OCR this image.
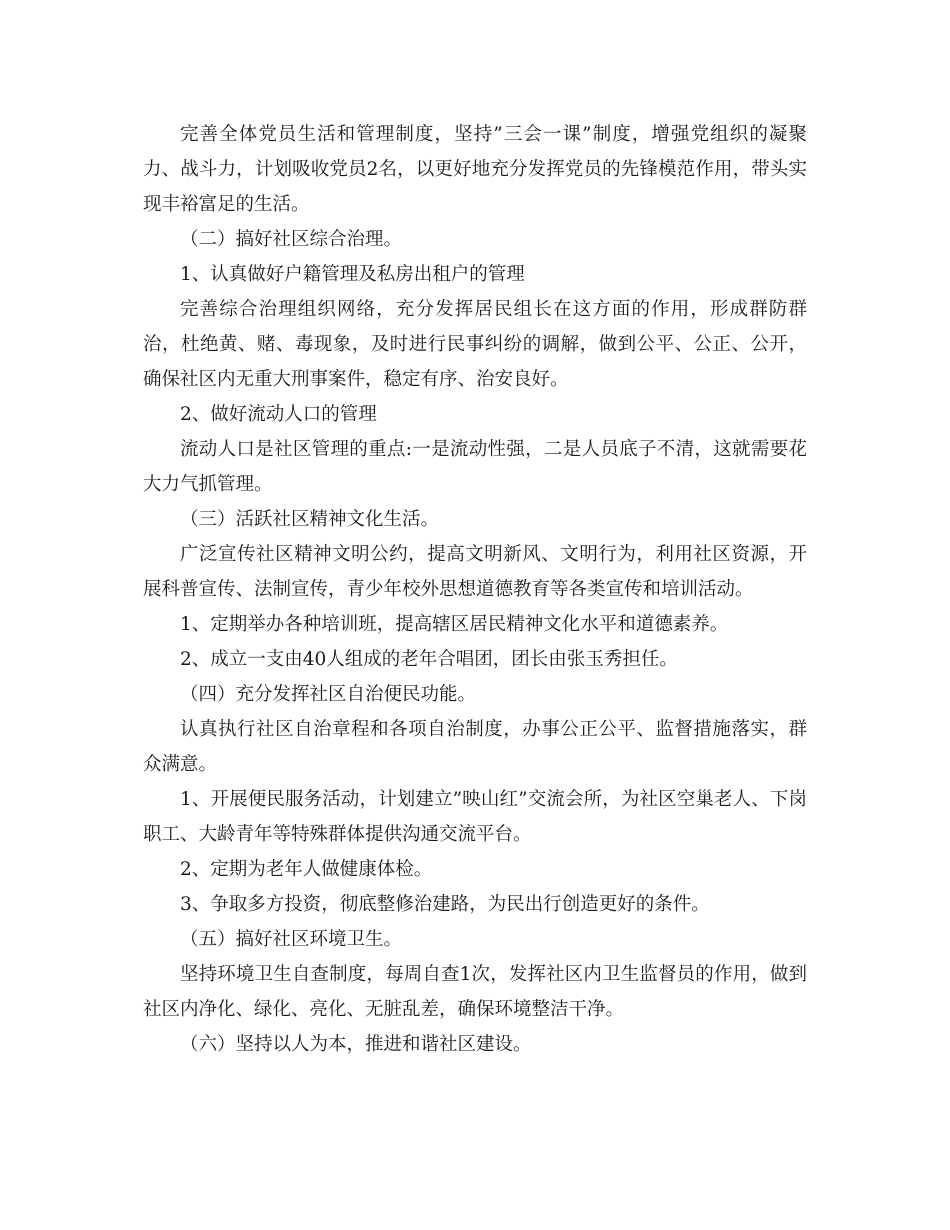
完善全体党员生活和管理制度，坚持”三会一课”制度，增强党组织的凝聚力、战斗力，计划吸收党员2名，以更好地充分发挥党员的先锋模范作用，带头实现丰裕富足的生活。

（二）搞好社区综合治理。

1、认真做好户籍管理及私房出租户的管理

完善综合治理组织网络，充分发挥居民组长在这方面的作用，形成群防群治，杜绝黄、赌、毒现象，及时进行民事纠纷的调解，做到公平、公正、公开，确保社区内无重大刑事案件，稳定有序、治安良好。

2、做好流动人口的管理

流动人口是社区管理的重点:一是流动性强，二是人员底子不清，这就需要花大力气抓管理。

（三）活跃社区精神文化生活。

广泛宣传社区精神文明公约，提高文明新风、文明行为，利用社区资源，开展科普宣传、法制宣传，青少年校外思想道德教育等各类宣传和培训活动。

1、定期举办各种培训班，提高辖区居民精神文化水平和道德素养。

2、成立一支由40人组成的老年合唱团，团长由张玉秀担任。

（四）充分发挥社区自治便民功能。

认真执行社区自治章程和各项自治制度，办事公正公平、监督措施落实，群众满意。

1、开展便民服务活动，计划建立”映山红”交流会所，为社区空巢老人、下岗职工、大龄青年等特殊群体提供沟通交流平台。

2、定期为老年人做健康体检。

3、争取多方投资，彻底整修治建路，为民出行创造更好的条件。

（五）搞好社区环境卫生。

坚持环境卫生自查制度，每周自查1次，发挥社区内卫生监督员的作用，做到社区内净化、绿化、亮化、无脏乱差，确保环境整洁干净。

（六）坚持以人为本，推进和谐社区建设。
